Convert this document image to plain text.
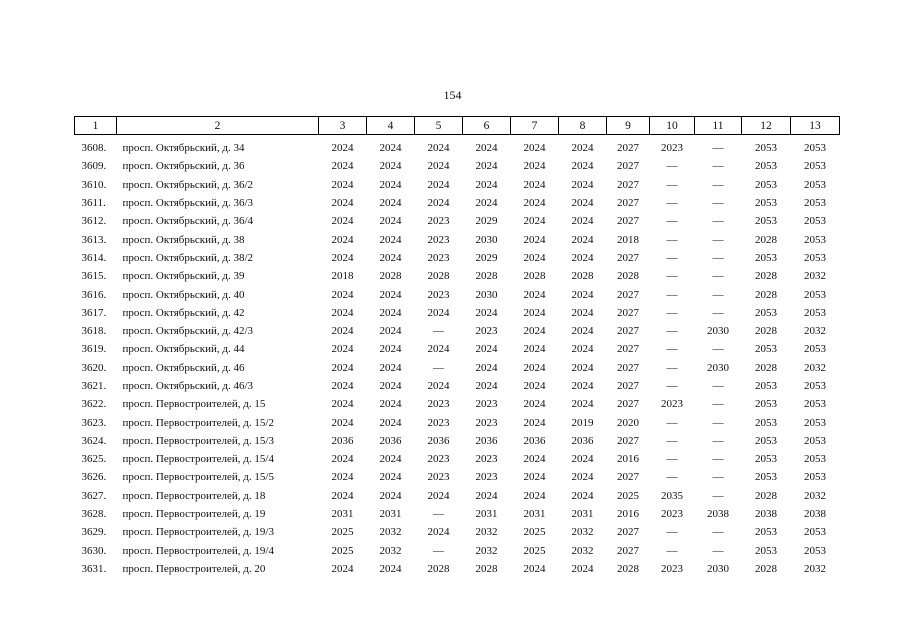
154
1	2	3	4	5	6	7	8	9	10	11	12	13
3608.	просп. Октябрьский, д. 34	2024	2024	2024	2024	2024	2024	2027	2023	—	2053	2053
3609.	просп. Октябрьский, д. 36	2024	2024	2024	2024	2024	2024	2027	—	—	2053	2053
3610.	просп. Октябрьский, д. 36/2	2024	2024	2024	2024	2024	2024	2027	—	—	2053	2053
3611.	просп. Октябрьский, д. 36/3	2024	2024	2024	2024	2024	2024	2027	—	—	2053	2053
3612.	просп. Октябрьский, д. 36/4	2024	2024	2023	2029	2024	2024	2027	—	—	2053	2053
3613.	просп. Октябрьский, д. 38	2024	2024	2023	2030	2024	2024	2018	—	—	2028	2053
3614.	просп. Октябрьский, д. 38/2	2024	2024	2023	2029	2024	2024	2027	—	—	2053	2053
3615.	просп. Октябрьский, д. 39	2018	2028	2028	2028	2028	2028	2028	—	—	2028	2032
3616.	просп. Октябрьский, д. 40	2024	2024	2023	2030	2024	2024	2027	—	—	2028	2053
3617.	просп. Октябрьский, д. 42	2024	2024	2024	2024	2024	2024	2027	—	—	2053	2053
3618.	просп. Октябрьский, д. 42/3	2024	2024	—	2023	2024	2024	2027	—	2030	2028	2032
3619.	просп. Октябрьский, д. 44	2024	2024	2024	2024	2024	2024	2027	—	—	2053	2053
3620.	просп. Октябрьский, д. 46	2024	2024	—	2024	2024	2024	2027	—	2030	2028	2032
3621.	просп. Октябрьский, д. 46/3	2024	2024	2024	2024	2024	2024	2027	—	—	2053	2053
3622.	просп. Первостроителей, д. 15	2024	2024	2023	2023	2024	2024	2027	2023	—	2053	2053
3623.	просп. Первостроителей, д. 15/2	2024	2024	2023	2023	2024	2019	2020	—	—	2053	2053
3624.	просп. Первостроителей, д. 15/3	2036	2036	2036	2036	2036	2036	2027	—	—	2053	2053
3625.	просп. Первостроителей, д. 15/4	2024	2024	2023	2023	2024	2024	2016	—	—	2053	2053
3626.	просп. Первостроителей, д. 15/5	2024	2024	2023	2023	2024	2024	2027	—	—	2053	2053
3627.	просп. Первостроителей, д. 18	2024	2024	2024	2024	2024	2024	2025	2035	—	2028	2032
3628.	просп. Первостроителей, д. 19	2031	2031	—	2031	2031	2031	2016	2023	2038	2038	2038
3629.	просп. Первостроителей, д. 19/3	2025	2032	2024	2032	2025	2032	2027	—	—	2053	2053
3630.	просп. Первостроителей, д. 19/4	2025	2032	—	2032	2025	2032	2027	—	—	2053	2053
3631.	просп. Первостроителей, д. 20	2024	2024	2028	2028	2024	2024	2028	2023	2030	2028	2032
